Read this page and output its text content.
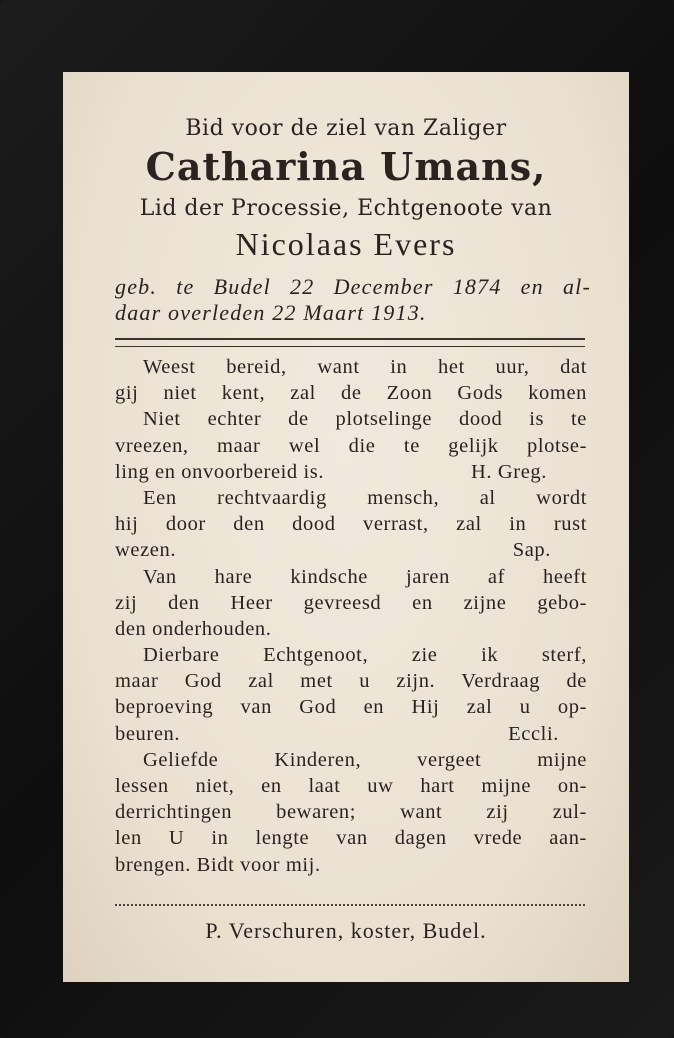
Bid voor de ziel van Zaliger
Catharina Umans,
Lid der Processie, Echtgenoote van
Nicolaas Evers
geb. te Budel 22 December 1874 en al-
daar overleden 22 Maart 1913.
Weest bereid, want in het uur, dat
gij niet kent, zal de Zoon Gods komen
Niet echter de plotselinge dood is te
vreezen, maar wel die te gelijk plotse-
ling en onvoorbereid is.	H. Greg.
Een rechtvaardig mensch, al wordt
hij door den dood verrast, zal in rust
wezen.	Sap.
Van hare kindsche jaren af heeft
zij den Heer gevreesd en zijne gebo-
den onderhouden.
Dierbare Echtgenoot, zie ik sterf,
maar God zal met u zijn. Verdraag de
beproeving van God en Hij zal u op-
beuren.	Eccli.
Geliefde Kinderen, vergeet mijne
lessen niet, en laat uw hart mijne on-
derrichtingen bewaren; want zij zul-
len U in lengte van dagen vrede aan-
brengen. Bidt voor mij.
P. Verschuren, koster, Budel.
